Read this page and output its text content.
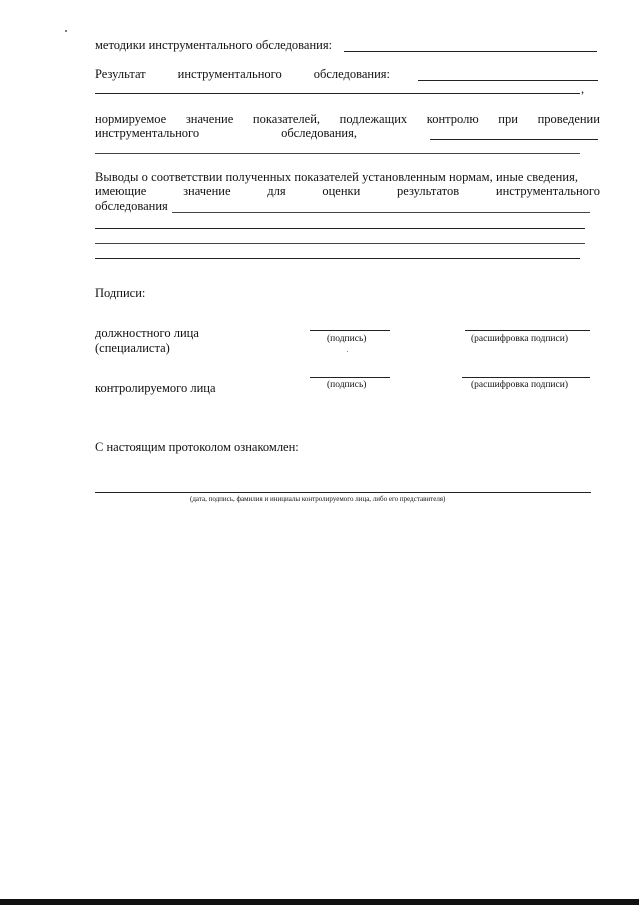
методики инструментального обследования:
Результат	инструментального	обследования:
,
нормируемое значение показателей, подлежащих контролю при проведении
инструментального	обследования,
Выводы о соответствии полученных показателей установленным нормам, иные сведения,
имеющие	значение	для	оценки	результатов	инструментального
обследования
Подписи:
должностного лица
(специалиста)
(подпись)	(расшифровка подписи)
контролируемого лица	(подпись)	(расшифровка подписи)
С настоящим протоколом ознакомлен:
(дата, подпись, фамилия и инициалы контролируемого лица, либо его представителя)
